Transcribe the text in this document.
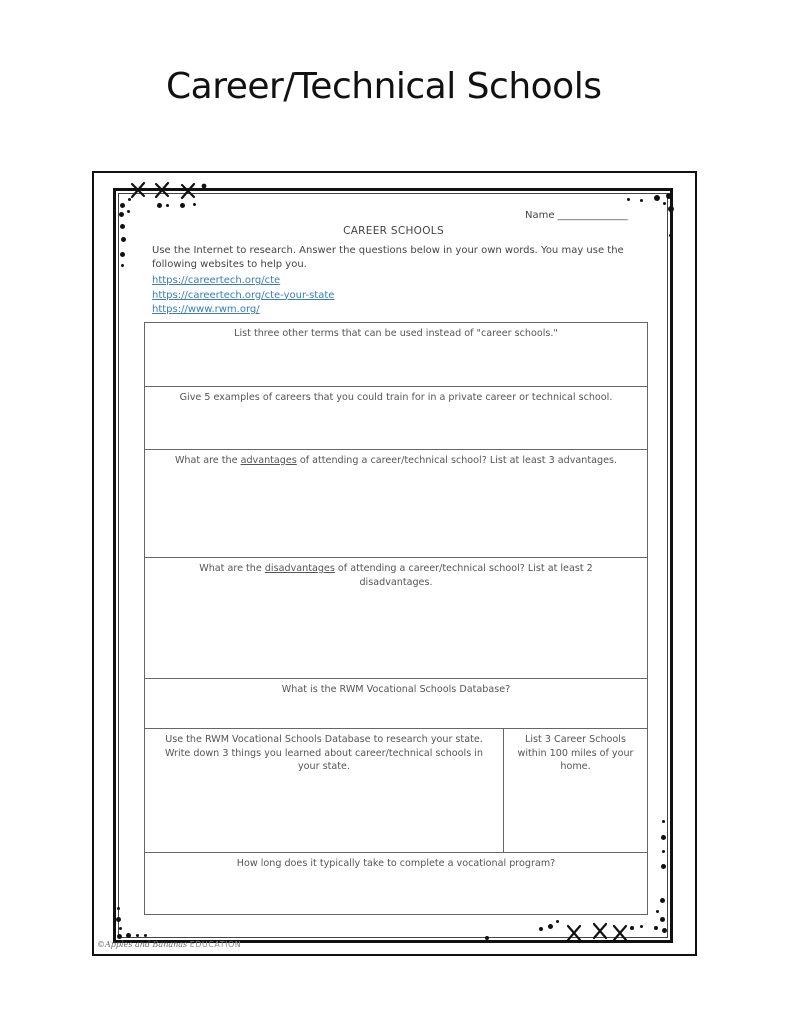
Career/Technical Schools
Name ______________
CAREER SCHOOLS
Use the Internet to research. Answer the questions below in your own words. You may use the following websites to help you.
https://careertech.org/cte
https://careertech.org/cte-your-state
https://www.rwm.org/
List three other terms that can be used instead of "career schools."
Give 5 examples of careers that you could train for in a private career or technical school.
What are the advantages of attending a career/technical school? List at least 3 advantages.
What are the disadvantages of attending a career/technical school? List at least 2 disadvantages.
What is the RWM Vocational Schools Database?
Use the RWM Vocational Schools Database to research your state. Write down 3 things you learned about career/technical schools in your state.	List 3 Career Schools within 100 miles of your home.
How long does it typically take to complete a vocational program?
©Apples and Bananas EDUCATION
